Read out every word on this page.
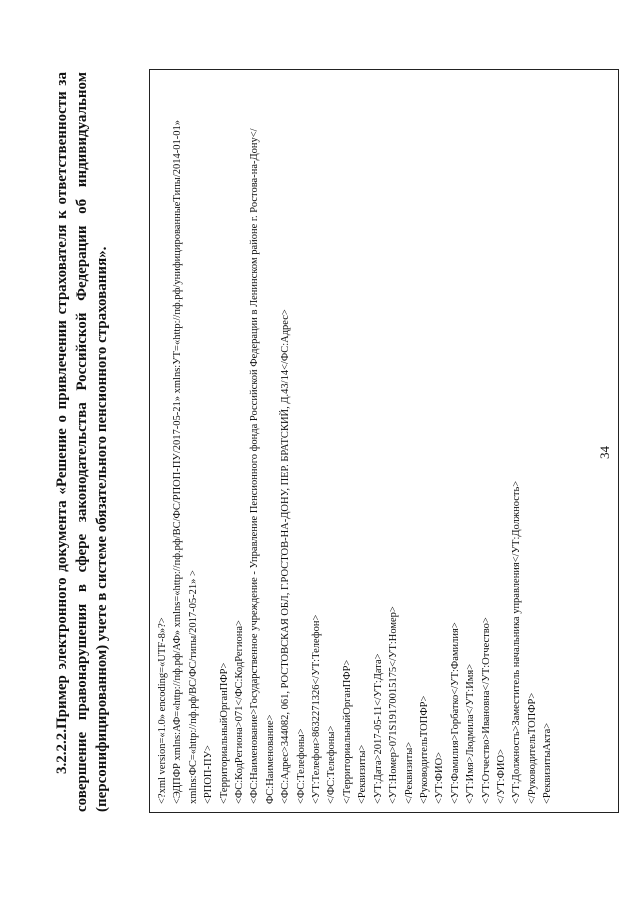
34
3.2.2.2.Пример
электронного
документа
«Решение
о
привлечении
страхователя
к
ответственности
за
совершение
правонарушения
в
сфере
законодательства
Российской
Федерации
об
индивидуальном
(персонифицированном) учете в системе обязательного пенсионного страхования».	<?xml version=«1.0» encoding=«UTF-8»?> <ЭДПФР xmlns:АФ=«http://пф.рф/АФ» xmlns=«http://пф.рф/ВС/ФС/РПОП-ПУ/2017-05-21» xmlns:УТ=«http://пф.рф/унифицированныеТипы/2014-01-01» xmlns:ФС=«http://пф.рф/ВС/ФС/типы/2017-05-21» > <РПОП-ПУ> <ТерриториальныйОрганПФР> <ФС:КодРегиона>071</ФС:КодРегиона> <ФС:Наименование>Государственное учреждение - Управление Пенсионного фонда Российской Федерации в Ленинском районе г. Ростова-на-Дону</ФС:Наименование> <ФС:Адрес>344082, 061, РОСТОВСКАЯ ОБЛ, Г.РОСТОВ-НА-ДОНУ, ПЕР. БРАТСКИЙ, Д.43/14</ФС:Адрес> <ФС:Телефоны> <УТ:Телефон>8632271326</УТ:Телефон> </ФС:Телефоны> </ТерриториальныйОрганПФР> <Реквизиты> <УТ:Дата>2017-05-11</УТ:Дата> <УТ:Номер>071S19170015175</УТ:Номер> </Реквизиты> <РуководительТОПФР> <УТ:ФИО> <УТ:Фамилия>Горбатко</УТ:Фамилия> <УТ:Имя>Людмила</УТ:Имя> <УТ:Отчество>Ивановна</УТ:Отчество> </УТ:ФИО> <УТ:Должность>Заместитель начальника управления</УТ:Должность> </РуководительТОПФР> <РеквизитыАкта>
